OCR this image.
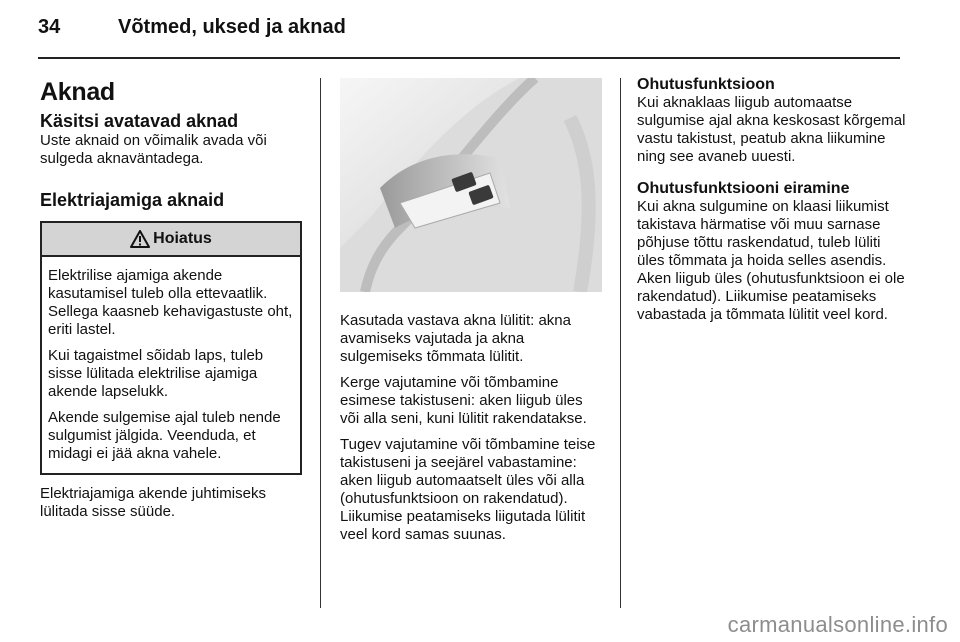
34	Võtmed, uksed ja aknad
Aknad
Käsitsi avatavad aknad

Uste aknaid on võimalik avada või sulgeda aknaväntadega.

Elektriajamiga aknaid
Hoiatus

Elektrilise ajamiga akende kasutamisel tuleb olla ettevaatlik. Sellega kaasneb kehavigastuste oht, eriti lastel.

Kui tagaistmel sõidab laps, tuleb sisse lülitada elektrilise ajamiga akende lapselukk.

Akende sulgemise ajal tuleb nende sulgumist jälgida. Veenduda, et midagi ei jää akna vahele.

Elektriajamiga akende juhtimiseks lülitada sisse süüde.

Kasutada vastava akna lülitit: akna avamiseks vajutada ja akna sulgemiseks tõmmata lülitit.

Kerge vajutamine või tõmbamine esimese takistuseni: aken liigub üles või alla seni, kuni lülitit rakendatakse.

Tugev vajutamine või tõmbamine teise takistuseni ja seejärel vabastamine: aken liigub automaatselt üles või alla (ohutusfunktsioon on rakendatud). Liikumise peatamiseks liigutada lülitit veel kord samas suunas.

Ohutusfunktsioon

Kui aknaklaas liigub automaatse sulgumise ajal akna keskosast kõrgemal vastu takistust, peatub akna liikumine ning see avaneb uuesti.

Ohutusfunktsiooni eiramine

Kui akna sulgumine on klaasi liikumist takistava härmatise või muu sarnase põhjuse tõttu raskendatud, tuleb lüliti üles tõmmata ja hoida selles asendis. Aken liigub üles (ohutusfunktsioon ei ole rakendatud). Liikumise peatamiseks vabastada ja tõmmata lülitit veel kord.

carmanualsonline.info
